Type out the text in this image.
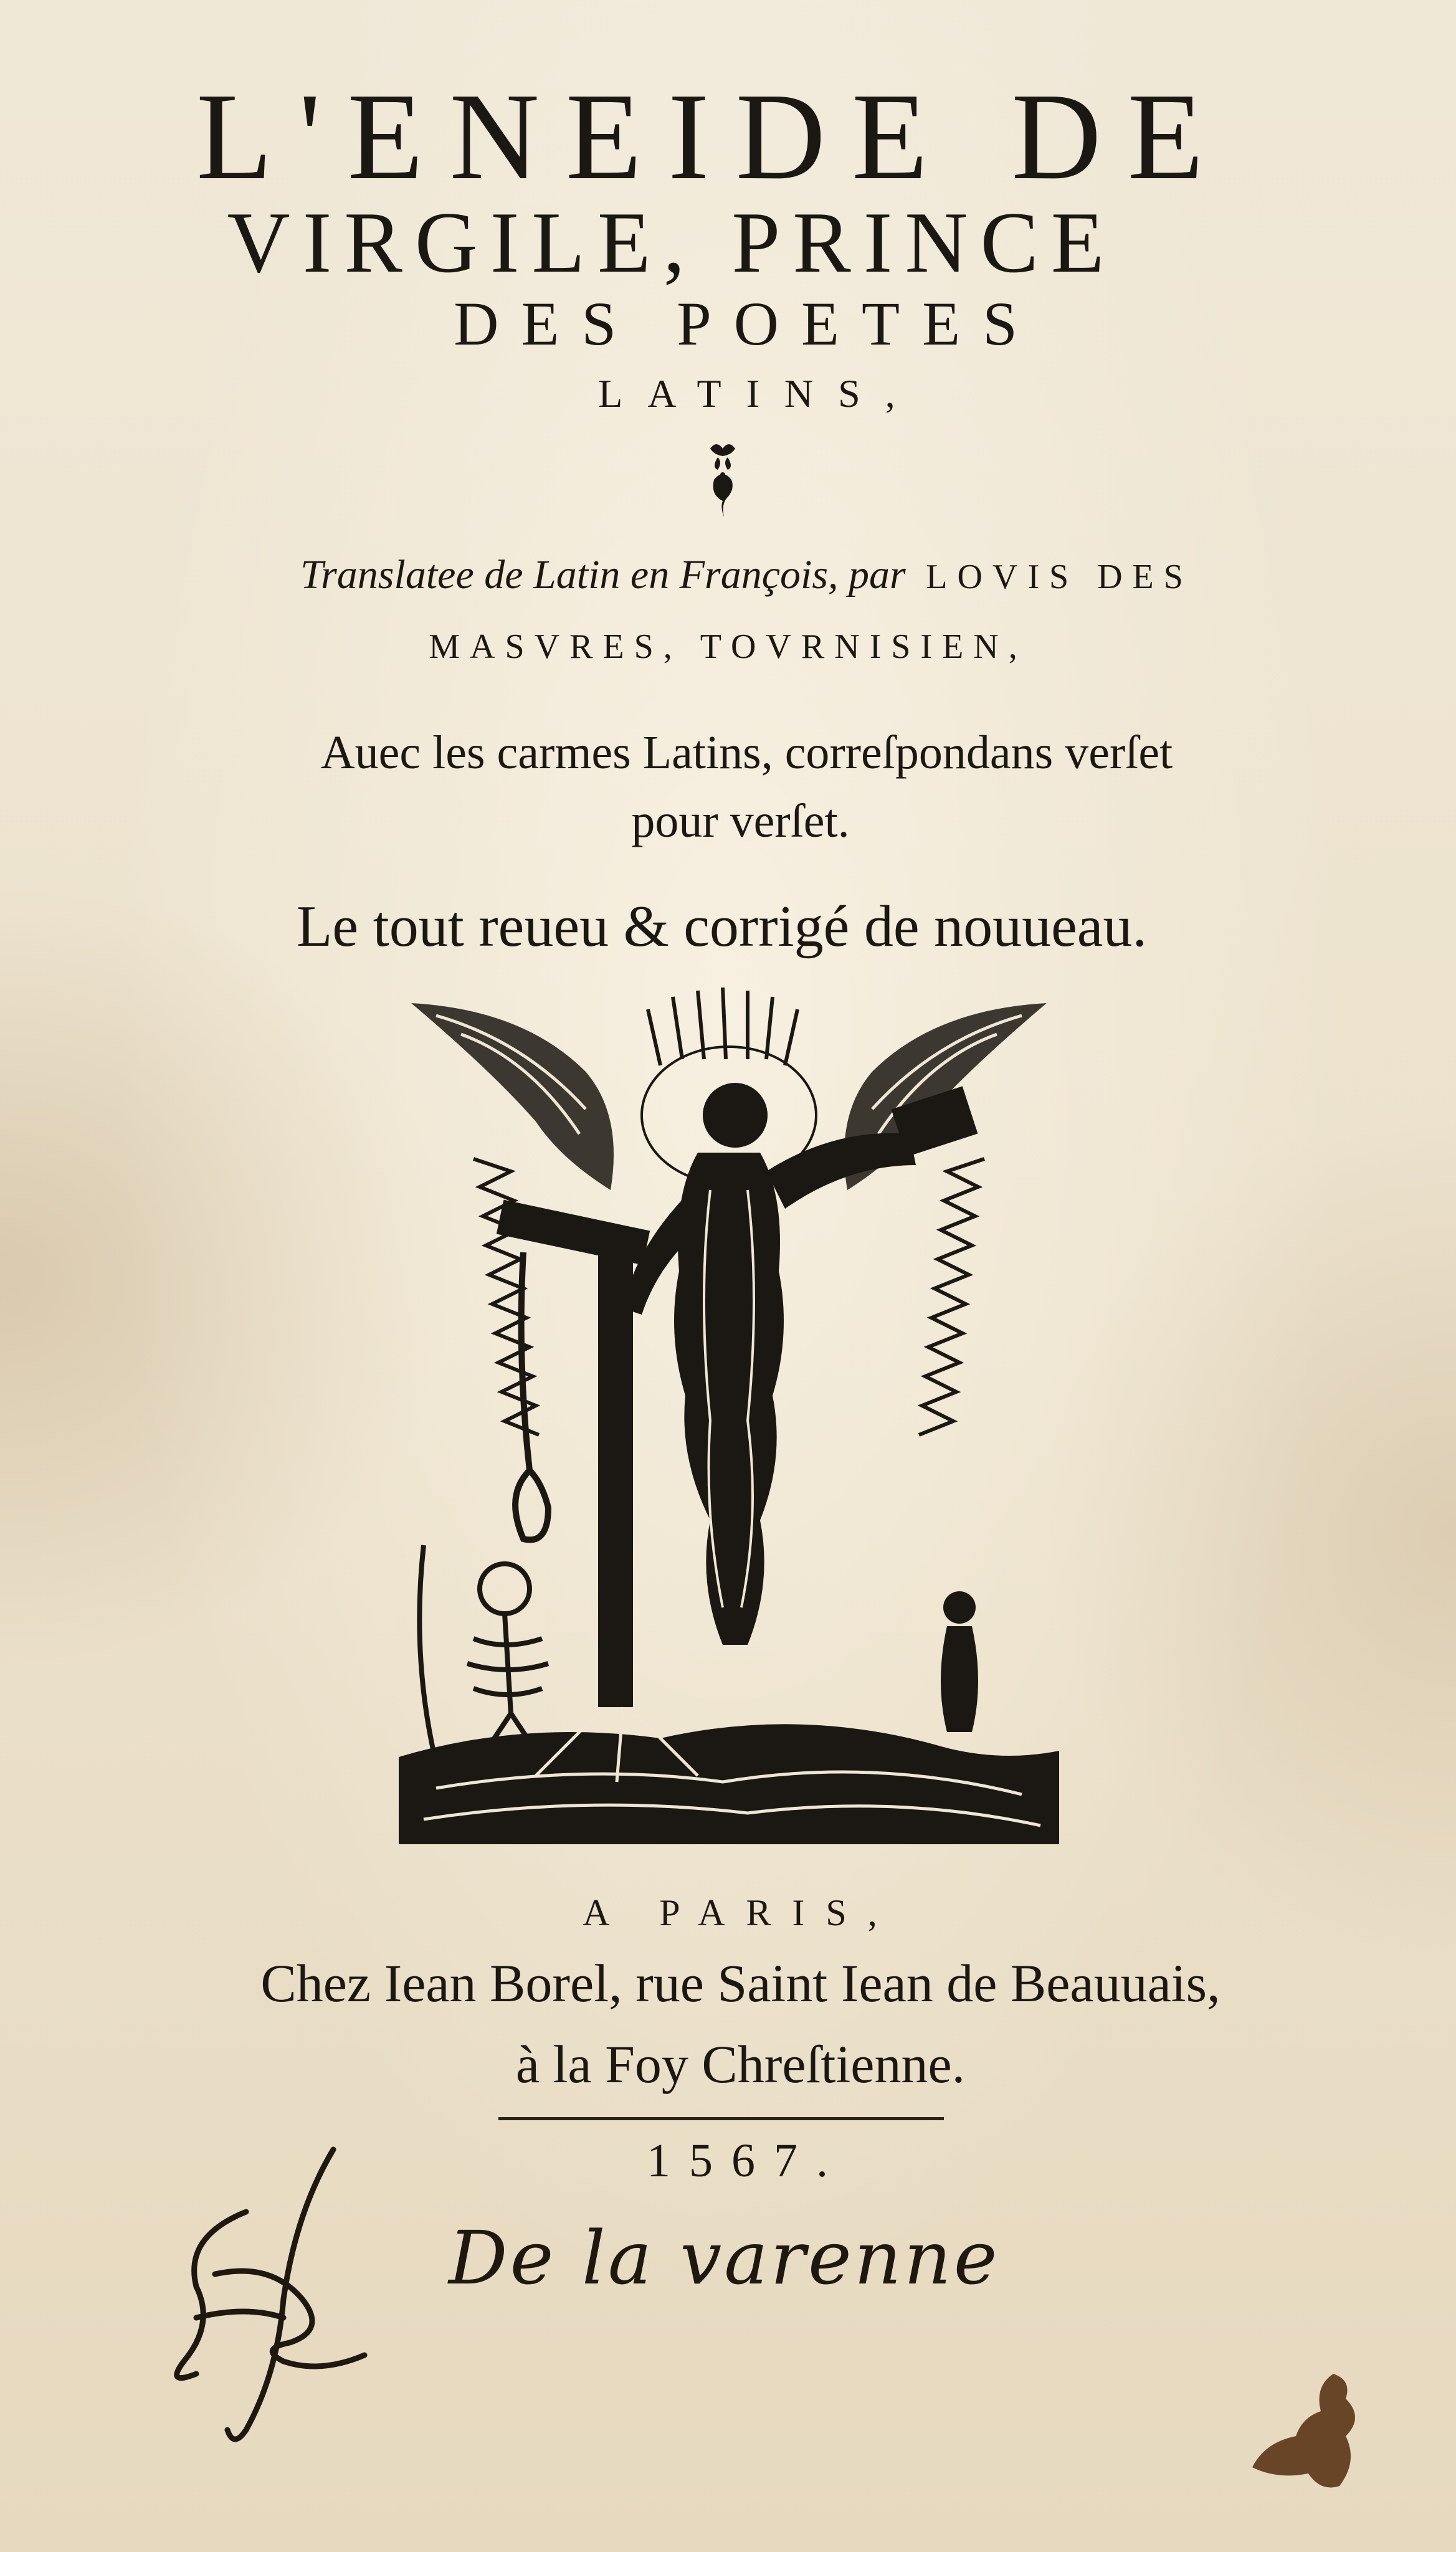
L'ENEIDE DE
VIRGILE, PRINCE
DES POETES
LATINS,
Translatee de Latin en François, par LOVIS DES
MASVRES, TOVRNISIEN,
Auec les carmes Latins, correſpondans verſet
pour verſet.
Le tout reueu & corrigé de nouueau.
A PARIS,
Chez Iean Borel, rue Saint Iean de Beauuais,
à la Foy Chreſtienne.
1567.
De la varenne
